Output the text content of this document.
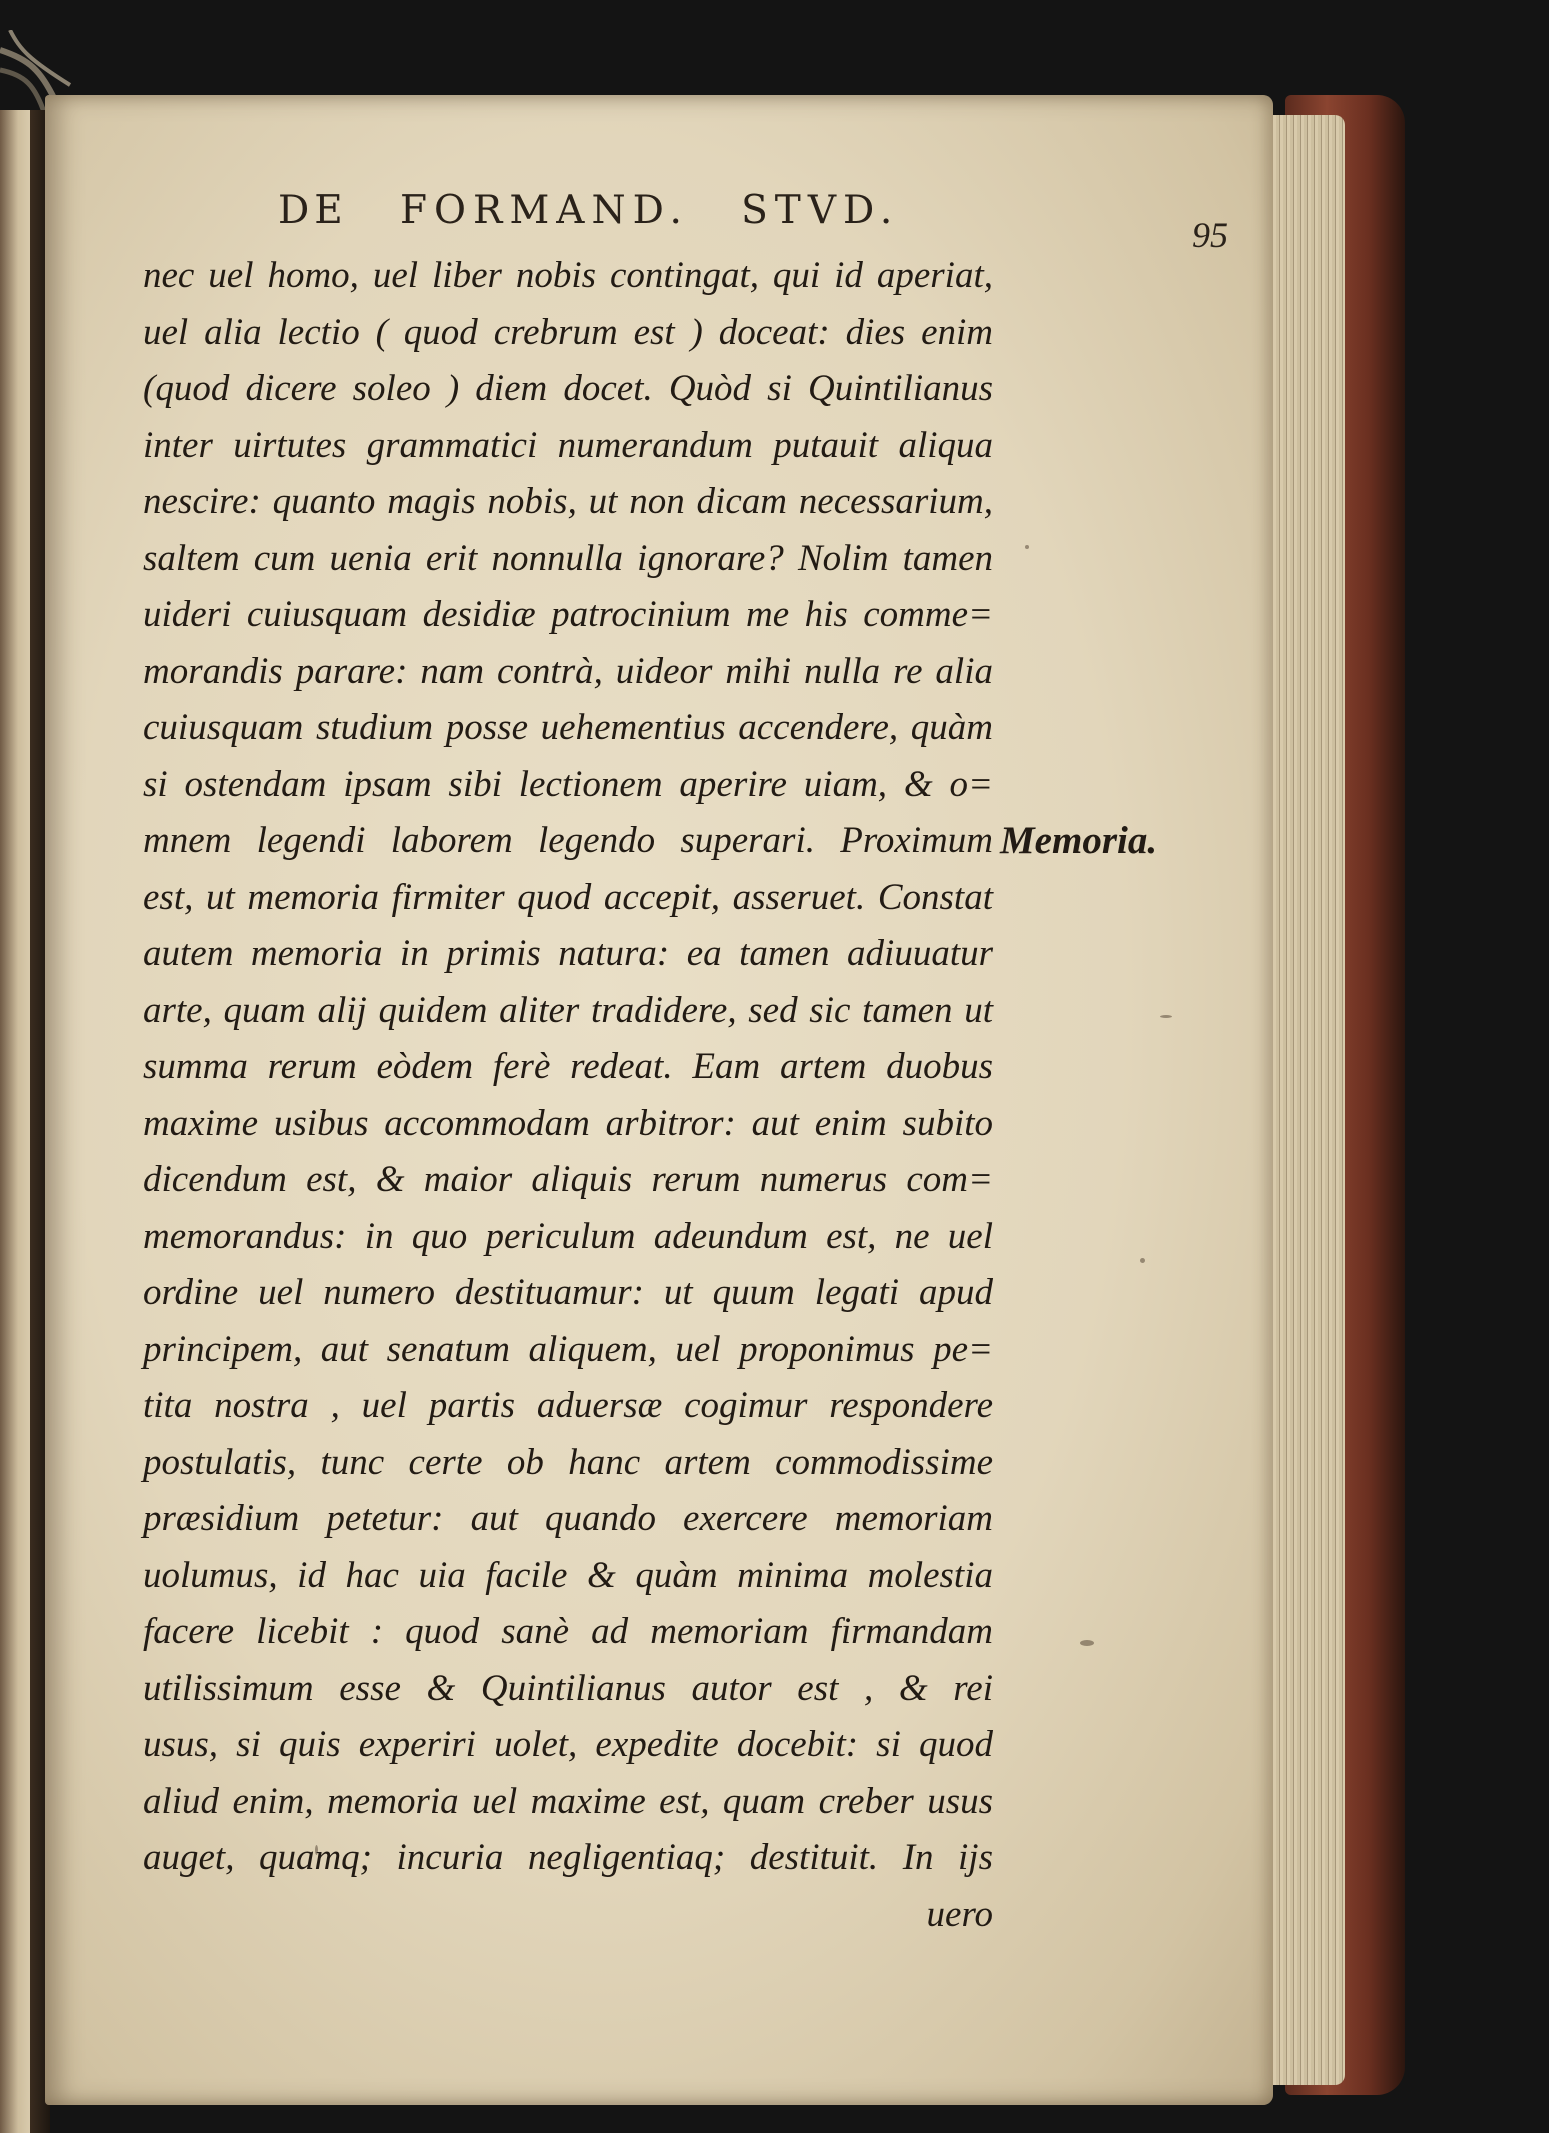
DE FORMAND. STVD.
95
nec uel homo, uel liber nobis contingat, qui id aperiat,
uel alia lectio ( quod crebrum est ) doceat: dies enim
(quod dicere soleo ) diem docet. Quòd si Quintilianus
inter uirtutes grammatici numerandum putauit aliqua
nescire: quanto magis nobis, ut non dicam necessarium,
saltem cum uenia erit nonnulla ignorare? Nolim tamen
uideri cuiusquam desidiæ patrocinium me his comme=
morandis parare: nam contrà, uideor mihi nulla re alia
cuiusquam studium posse uehementius accendere, quàm
si ostendam ipsam sibi lectionem aperire uiam, & o=
mnem legendi laborem legendo superari. Proximum
est, ut memoria firmiter quod accepit, asseruet. Constat
autem memoria in primis natura: ea tamen adiuuatur
arte, quam alij quidem aliter tradidere, sed sic tamen ut
summa rerum eòdem ferè redeat. Eam artem duobus
maxime usibus accommodam arbitror: aut enim subito
dicendum est, & maior aliquis rerum numerus com=
memorandus: in quo periculum adeundum est, ne uel
ordine uel numero destituamur: ut quum legati apud
principem, aut senatum aliquem, uel proponimus pe=
tita nostra , uel partis aduersæ cogimur respondere
postulatis, tunc certe ob hanc artem commodissime
præsidium petetur: aut quando exercere memoriam
uolumus, id hac uia facile & quàm minima molestia
facere licebit : quod sanè ad memoriam firmandam
utilissimum esse & Quintilianus autor est , & rei
usus, si quis experiri uolet, expedite docebit: si quod
aliud enim, memoria uel maxime est, quam creber usus
auget, quamq; incuria negligentiaq; destituit. In ijs
uero
Memoria.
